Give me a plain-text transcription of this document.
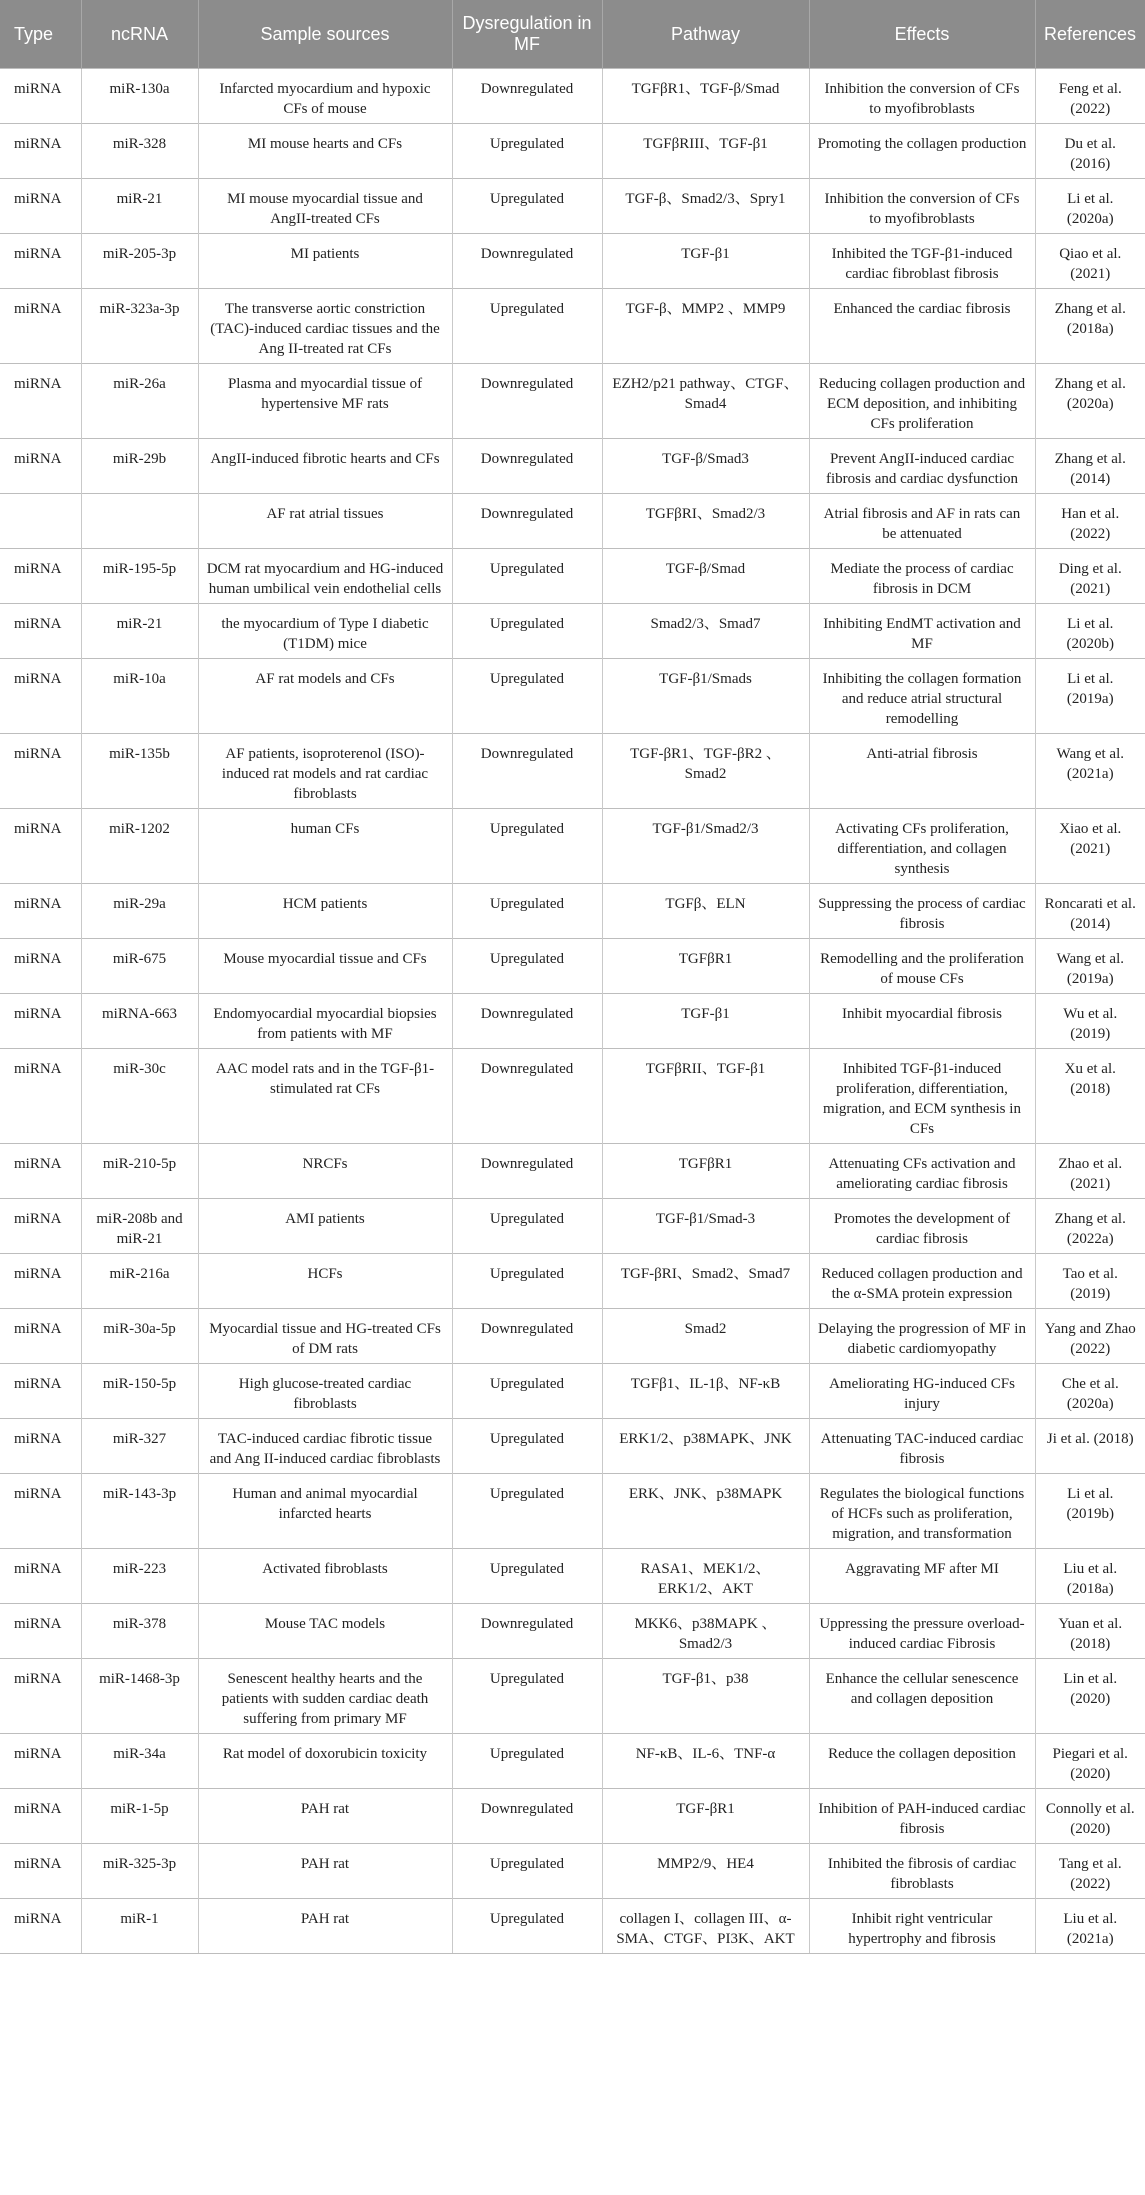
Type	ncRNA	Sample sources	Dysregulation in MF	Pathway	Effects	References
miRNA	miR-130a	Infarcted myocardium and hypoxic CFs of mouse	Downregulated	TGFβR1、TGF-β/Smad	Inhibition the conversion of CFs to myofibroblasts	Feng et al. (2022)
miRNA	miR-328	MI mouse hearts and CFs	Upregulated	TGFβRIII、TGF-β1	Promoting the collagen production	Du et al. (2016)
miRNA	miR-21	MI mouse myocardial tissue and AngII-treated CFs	Upregulated	TGF-β、Smad2/3、Spry1	Inhibition the conversion of CFs to myofibroblasts	Li et al. (2020a)
miRNA	miR-205-3p	MI patients	Downregulated	TGF-β1	Inhibited the TGF-β1-induced cardiac fibroblast fibrosis	Qiao et al. (2021)
miRNA	miR-323a-3p	The transverse aortic constriction (TAC)-induced cardiac tissues and the Ang II-treated rat CFs	Upregulated	TGF-β、MMP2 、MMP9	Enhanced the cardiac fibrosis	Zhang et al. (2018a)
miRNA	miR-26a	Plasma and myocardial tissue of hypertensive MF rats	Downregulated	EZH2/p21 pathway、CTGF、 Smad4	Reducing collagen production and ECM deposition, and inhibiting CFs proliferation	Zhang et al. (2020a)
miRNA	miR-29b	AngII-induced fibrotic hearts and CFs	Downregulated	TGF-β/Smad3	Prevent AngII-induced cardiac fibrosis and cardiac dysfunction	Zhang et al. (2014)
		AF rat atrial tissues	Downregulated	TGFβRI、Smad2/3	Atrial fibrosis and AF in rats can be attenuated	Han et al. (2022)
miRNA	miR-195-5p	DCM rat myocardium and HG-induced human umbilical vein endothelial cells	Upregulated	TGF-β/Smad	Mediate the process of cardiac fibrosis in DCM	Ding et al. (2021)
miRNA	miR-21	the myocardium of Type I diabetic (T1DM) mice	Upregulated	Smad2/3、Smad7	Inhibiting EndMT activation and MF	Li et al. (2020b)
miRNA	miR-10a	AF rat models and CFs	Upregulated	TGF-β1/Smads	Inhibiting the collagen formation and reduce atrial structural remodelling	Li et al. (2019a)
miRNA	miR-135b	AF patients, isoproterenol (ISO)-induced rat models and rat cardiac fibroblasts	Downregulated	TGF-βR1、TGF-βR2 、Smad2	Anti-atrial fibrosis	Wang et al. (2021a)
miRNA	miR-1202	human CFs	Upregulated	TGF-β1/Smad2/3	Activating CFs proliferation, differentiation, and collagen synthesis	Xiao et al. (2021)
miRNA	miR-29a	HCM patients	Upregulated	TGFβ、ELN	Suppressing the process of cardiac fibrosis	Roncarati et al. (2014)
miRNA	miR-675	Mouse myocardial tissue and CFs	Upregulated	TGFβR1	Remodelling and the proliferation of mouse CFs	Wang et al. (2019a)
miRNA	miRNA-663	Endomyocardial myocardial biopsies from patients with MF	Downregulated	TGF-β1	Inhibit myocardial fibrosis	Wu et al. (2019)
miRNA	miR-30c	AAC model rats and in the TGF-β1-stimulated rat CFs	Downregulated	TGFβRII、TGF-β1	Inhibited TGF-β1-induced proliferation, differentiation, migration, and ECM synthesis in CFs	Xu et al. (2018)
miRNA	miR-210-5p	NRCFs	Downregulated	TGFβR1	Attenuating CFs activation and ameliorating cardiac fibrosis	Zhao et al. (2021)
miRNA	miR-208b and miR-21	AMI patients	Upregulated	TGF-β1/Smad-3	Promotes the development of cardiac fibrosis	Zhang et al. (2022a)
miRNA	miR-216a	HCFs	Upregulated	TGF-βRI、Smad2、Smad7	Reduced collagen production and the α-SMA protein expression	Tao et al. (2019)
miRNA	miR-30a-5p	Myocardial tissue and HG-treated CFs of DM rats	Downregulated	Smad2	Delaying the progression of MF in diabetic cardiomyopathy	Yang and Zhao (2022)
miRNA	miR-150-5p	High glucose-treated cardiac fibroblasts	Upregulated	TGFβ1、IL-1β、NF-κB	Ameliorating HG-induced CFs injury	Che et al. (2020a)
miRNA	miR-327	TAC-induced cardiac fibrotic tissue and Ang II-induced cardiac fibroblasts	Upregulated	ERK1/2、p38MAPK、JNK	Attenuating TAC-induced cardiac fibrosis	Ji et al. (2018)
miRNA	miR-143-3p	Human and animal myocardial infarcted hearts	Upregulated	ERK、JNK、p38MAPK	Regulates the biological functions of HCFs such as proliferation, migration, and transformation	Li et al. (2019b)
miRNA	miR-223	Activated fibroblasts	Upregulated	RASA1、MEK1/2、ERK1/2、AKT	Aggravating MF after MI	Liu et al. (2018a)
miRNA	miR-378	Mouse TAC models	Downregulated	MKK6、p38MAPK 、Smad2/3	Uppressing the pressure overload-induced cardiac Fibrosis	Yuan et al. (2018)
miRNA	miR-1468-3p	Senescent healthy hearts and the patients with sudden cardiac death suffering from primary MF	Upregulated	TGF-β1、p38	Enhance the cellular senescence and collagen deposition	Lin et al. (2020)
miRNA	miR-34a	Rat model of doxorubicin toxicity	Upregulated	NF-κB、IL-6、TNF-α	Reduce the collagen deposition	Piegari et al. (2020)
miRNA	miR-1-5p	PAH rat	Downregulated	TGF-βR1	Inhibition of PAH-induced cardiac fibrosis	Connolly et al. (2020)
miRNA	miR-325-3p	PAH rat	Upregulated	MMP2/9、HE4	Inhibited the fibrosis of cardiac fibroblasts	Tang et al. (2022)
miRNA	miR-1	PAH rat	Upregulated	collagen I、collagen III、α-SMA、CTGF、PI3K、AKT	Inhibit right ventricular hypertrophy and fibrosis	Liu et al. (2021a)
